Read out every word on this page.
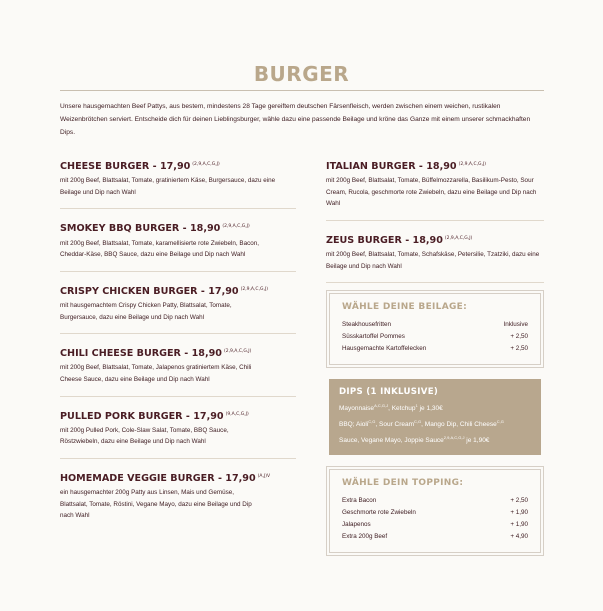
BURGER
Unsere hausgemachten Beef Pattys, aus bestem, mindestens 28 Tage gereiftem deutschen Färsenfleisch, werden zwischen einem weichen, rustikalen Weizenbrötchen serviert. Entscheide dich für deinen Lieblingsburger, wähle dazu eine passende Beilage und kröne das Ganze mit einem unserer schmackhaften Dips.
CHEESE BURGER - 17,90 $^{(2,9,A,C,G,J)}$
mit 200g Beef, Blattsalat, Tomate, gratiniertem Käse, Burgersauce, dazu eine Beilage und Dip nach Wahl
SMOKEY BBQ BURGER - 18,90 $^{(2,9,A,C,G,J)}$
mit 200g Beef, Blattsalat, Tomate, karamellisierte rote Zwiebeln, Bacon, Cheddar-Käse, BBQ Sauce, dazu eine Beilage und Dip nach Wahl
CRISPY CHICKEN BURGER - 17,90 $^{(2,9,A,C,G,J)}$
mit hausgemachtem Crispy Chicken Patty, Blattsalat, Tomate, Burgersauce, dazu eine Beilage und Dip nach Wahl
CHILI CHEESE BURGER - 18,90 $^{(2,9,A,C,G,J)}$
mit 200g Beef, Blattsalat, Tomate, Jalapenos gratiniertem Käse, Chili Cheese Sauce, dazu eine Beilage und Dip nach Wahl
PULLED PORK BURGER - 17,90 $^{(9,A,C,G,J)}$
mit 200g Pulled Pork, Cole-Slaw Salat, Tomate, BBQ Sauce, Röstzwiebeln, dazu eine Beilage und Dip nach Wahl
HOMEMADE VEGGIE BURGER - 17,90 $^{(A,J)V}$
ein hausgemachter 200g Patty aus Linsen, Mais und Gemüse, Blattsalat, Tomate, Röstini, Vegane Mayo, dazu eine Beilage und Dip nach Wahl
ITALIAN BURGER - 18,90 $^{(2,9,A,C,G,J)}$
mit 200g Beef, Blattsalat, Tomate, Büffelmozzarella, Basilikum-Pesto, Sour Cream, Rucola, geschmorte rote Zwiebeln, dazu eine Beilage und Dip nach Wahl
ZEUS BURGER - 18,90 $^{(2,9,A,C,G,J)}$
mit 200g Beef, Blattsalat, Tomate, Schafskäse, Petersilie, Tzatziki, dazu eine Beilage und Dip nach Wahl
WÄHLE DEINE BEILAGE:
Steakhousefritten	Inklusive
Süsskartoffel Pommes	+ 2,50
Hausgemachte Kartoffelecken	+ 2,50
DIPS (1 INKLUSIVE)
Mayonnaise$^{A,C,G,J}$, Ketchup$^1$ je 1,30€
BBQ; Aioli$^{C,G}$, Sour Cream$^{C,G}$, Mango Dip, Chili Cheese$^{C,G}$
Sauce, Vegane Mayo, Joppie Sauce$^{2,9,A,C,G,J}$ je 1,90€
WÄHLE DEIN TOPPING:
Extra Bacon	+ 2,50
Geschmorte rote Zwiebeln	+ 1,90
Jalapenos	+ 1,90
Extra 200g Beef	+ 4,90
